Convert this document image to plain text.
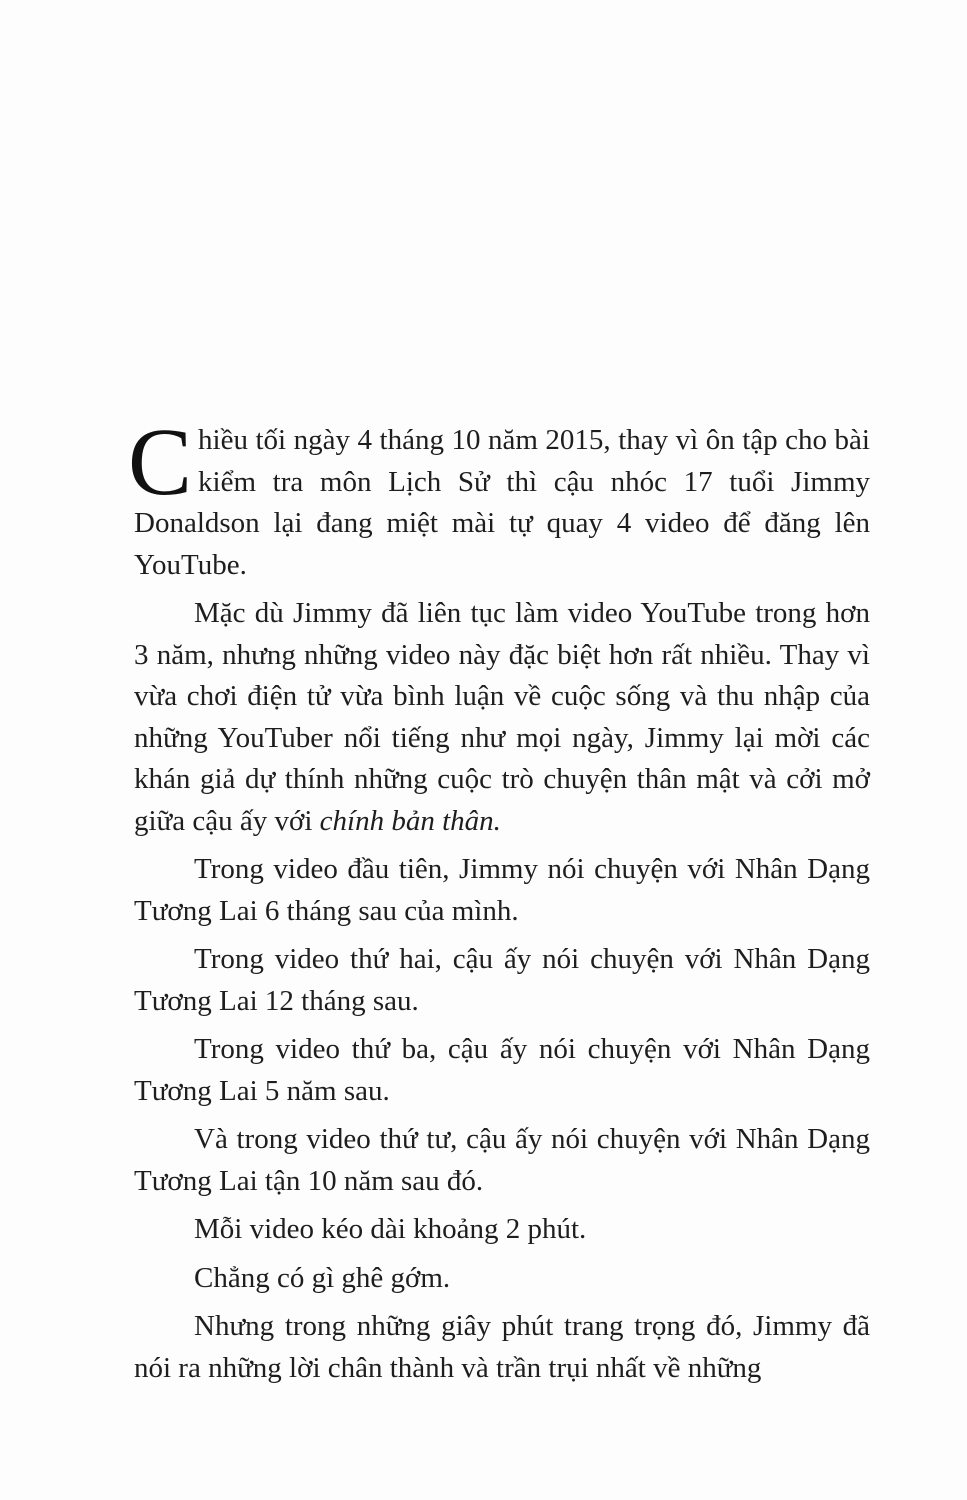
Chiều tối ngày 4 tháng 10 năm 2015, thay vì ôn tập cho bài kiểm tra môn Lịch Sử thì cậu nhóc 17 tuổi Jimmy Donaldson lại đang miệt mài tự quay 4 video để đăng lên YouTube.

Mặc dù Jimmy đã liên tục làm video YouTube trong hơn 3 năm, nhưng những video này đặc biệt hơn rất nhiều. Thay vì vừa chơi điện tử vừa bình luận về cuộc sống và thu nhập của những YouTuber nổi tiếng như mọi ngày, Jimmy lại mời các khán giả dự thính những cuộc trò chuyện thân mật và cởi mở giữa cậu ấy với chính bản thân.

Trong video đầu tiên, Jimmy nói chuyện với Nhân Dạng Tương Lai 6 tháng sau của mình.

Trong video thứ hai, cậu ấy nói chuyện với Nhân Dạng Tương Lai 12 tháng sau.

Trong video thứ ba, cậu ấy nói chuyện với Nhân Dạng Tương Lai 5 năm sau.

Và trong video thứ tư, cậu ấy nói chuyện với Nhân Dạng Tương Lai tận 10 năm sau đó.

Mỗi video kéo dài khoảng 2 phút.

Chẳng có gì ghê gớm.

Nhưng trong những giây phút trang trọng đó, Jimmy đã nói ra những lời chân thành và trần trụi nhất về những
